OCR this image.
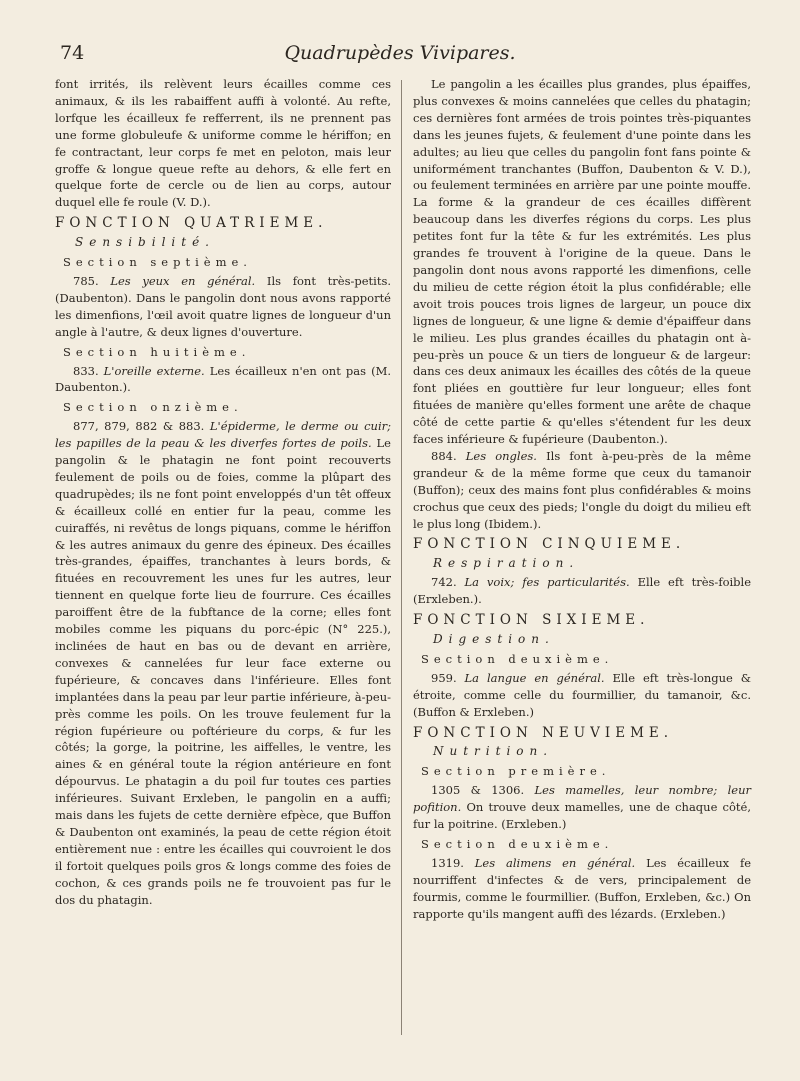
74	Quadrupèdes Vivipares.

font irrités, ils relèvent leurs écailles comme ces animaux, & ils les rabaiffent auffi à volonté. Au refte, lorfque les écailleux fe refferrent, ils ne prennent pas une forme globuleufe & uniforme comme le hériffon; en fe contractant, leur corps fe met en peloton, mais leur groffe & longue queue refte au dehors, & elle fert en quelque forte de cercle ou de lien au corps, autour duquel elle fe roule (V. D.).

FONCTION QUATRIEME.
Sensibilité.
Section septième.

785. Les yeux en général. Ils font très-petits. (Daubenton). Dans le pangolin dont nous avons rapporté les dimenfions, l'œil avoit quatre lignes de longueur d'un angle à l'autre, & deux lignes d'ouverture.

Section huitième.

833. L'oreille externe. Les écailleux n'en ont pas (M. Daubenton.).

Section onzième.

877, 879, 882 & 883. L'épiderme, le derme ou cuir; les papilles de la peau & les diverfes fortes de poils. Le pangolin & le phatagin ne font point recouverts feulement de poils ou de foies, comme la plûpart des quadrupèdes; ils ne font point enveloppés d'un têt offeux & écailleux collé en entier fur la peau, comme les cuiraffés, ni revêtus de longs piquans, comme le hériffon & les autres animaux du genre des épineux. Des écailles très-grandes, épaiffes, tranchantes à leurs bords, & fituées en recouvrement les unes fur les autres, leur tiennent en quelque forte lieu de fourrure. Ces écailles paroiffent être de la fubftance de la corne; elles font mobiles comme les piquans du porc-épic (N° 225.), inclinées de haut en bas ou de devant en arrière, convexes & cannelées fur leur face externe ou fupérieure, & concaves dans l'inférieure. Elles font implantées dans la peau par leur partie inférieure, à-peu-près comme les poils. On les trouve feulement fur la région fupérieure ou poftérieure du corps, & fur les côtés; la gorge, la poitrine, les aiffelles, le ventre, les aines & en général toute la région antérieure en font dépourvus. Le phatagin a du poil fur toutes ces parties inférieures. Suivant Erxleben, le pangolin en a auffi; mais dans les fujets de cette dernière efpèce, que Buffon & Daubenton ont examinés, la peau de cette région étoit entièrement nue : entre les écailles qui couvroient le dos il fortoit quelques poils gros & longs comme des foies de cochon, & ces grands poils ne fe trouvoient pas fur le dos du phatagin.

Le pangolin a les écailles plus grandes, plus épaiffes, plus convexes & moins cannelées que celles du phatagin; ces dernières font armées de trois pointes très-piquantes dans les jeunes fujets, & feulement d'une pointe dans les adultes; au lieu que celles du pangolin font fans pointe & uniformément tranchantes (Buffon, Daubenton & V. D.), ou feulement terminées en arrière par une pointe mouffe. La forme & la grandeur de ces écailles diffèrent beaucoup dans les diverfes régions du corps. Les plus petites font fur la tête & fur les extrémités. Les plus grandes fe trouvent à l'origine de la queue. Dans le pangolin dont nous avons rapporté les dimenfions, celle du milieu de cette région étoit la plus confidérable; elle avoit trois pouces trois lignes de largeur, un pouce dix lignes de longueur, & une ligne & demie d'épaiffeur dans le milieu. Les plus grandes écailles du phatagin ont à-peu-près un pouce & un tiers de longueur & de largeur: dans ces deux animaux les écailles des côtés de la queue font pliées en gouttière fur leur longueur; elles font fituées de manière qu'elles forment une arête de chaque côté de cette partie & qu'elles s'étendent fur les deux faces inférieure & fupérieure (Daubenton.).

884. Les ongles. Ils font à-peu-près de la même grandeur & de la même forme que ceux du tamanoir (Buffon); ceux des mains font plus confidérables & moins crochus que ceux des pieds; l'ongle du doigt du milieu eft le plus long (Ibidem.).

FONCTION CINQUIEME.
Respiration.

742. La voix; fes particularités. Elle eft très-foible (Erxleben.).

FONCTION SIXIEME.
Digestion.
Section deuxième.

959. La langue en général. Elle eft très-longue & étroite, comme celle du fourmillier, du tamanoir, &c. (Buffon & Erxleben.)

FONCTION NEUVIEME.
Nutrition.
Section première.

1305 & 1306. Les mamelles, leur nombre; leur pofition. On trouve deux mamelles, une de chaque côté, fur la poitrine. (Erxleben.)

Section deuxième.

1319. Les alimens en général. Les écailleux fe nourriffent d'infectes & de vers, principalement de fourmis, comme le fourmillier. (Buffon, Erxleben, &c.) On rapporte qu'ils mangent auffi des lézards. (Erxleben.)
